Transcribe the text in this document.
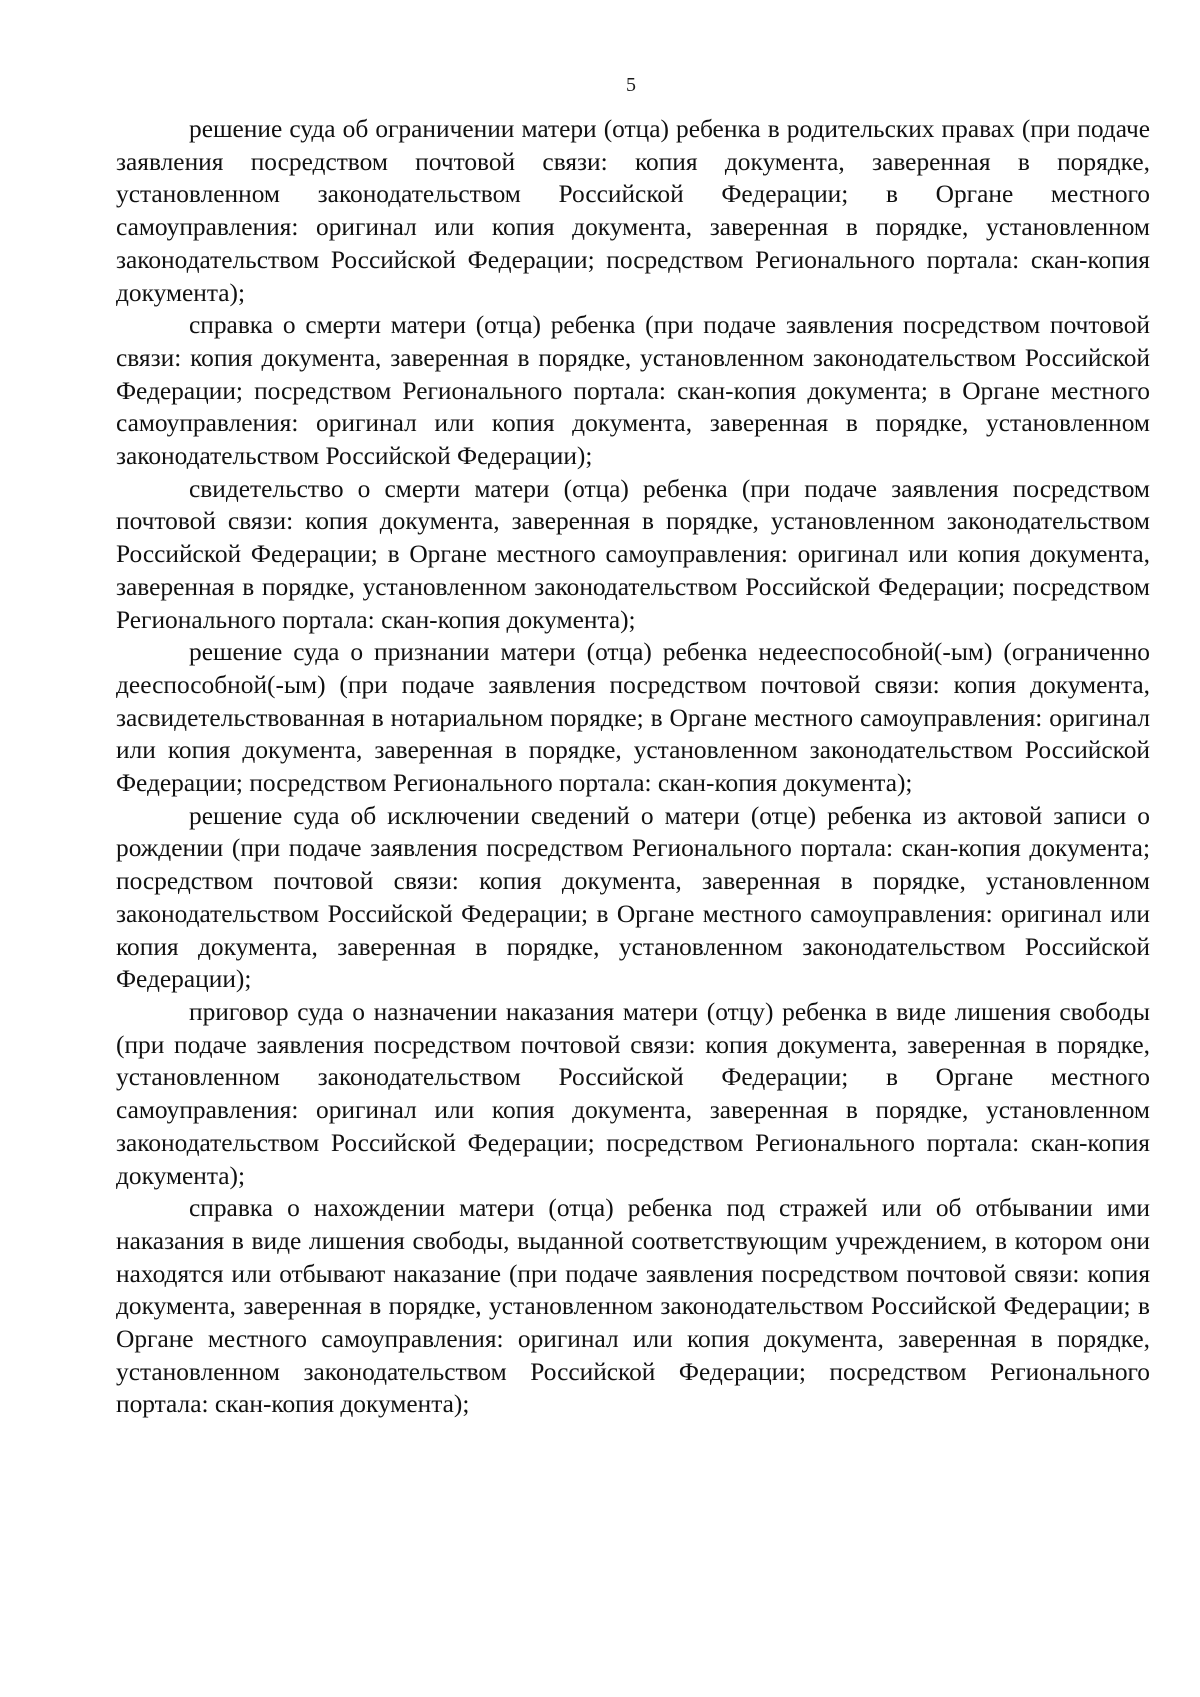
5

решение суда об ограничении матери (отца) ребенка в родительских правах (при подаче заявления посредством почтовой связи: копия документа, заверенная в порядке, установленном законодательством Российской Федерации; в Органе местного самоуправления: оригинал или копия документа, заверенная в порядке, установленном законодательством Российской Федерации; посредством Регионального портала: скан-копия документа);

справка о смерти матери (отца) ребенка (при подаче заявления посредством почтовой связи: копия документа, заверенная в порядке, установленном законодательством Российской Федерации; посредством Регионального портала: скан-копия документа; в Органе местного самоуправления: оригинал или копия документа, заверенная в порядке, установленном законодательством Российской Федерации);

свидетельство о смерти матери (отца) ребенка (при подаче заявления посредством почтовой связи: копия документа, заверенная в порядке, установленном законодательством Российской Федерации; в Органе местного самоуправления: оригинал или копия документа, заверенная в порядке, установленном законодательством Российской Федерации; посредством Регионального портала: скан-копия документа);

решение суда о признании матери (отца) ребенка недееспособной(-ым) (ограниченно дееспособной(-ым) (при подаче заявления посредством почтовой связи: копия документа, засвидетельствованная в нотариальном порядке; в Органе местного самоуправления: оригинал или копия документа, заверенная в порядке, установленном законодательством Российской Федерации; посредством Регионального портала: скан-копия документа);

решение суда об исключении сведений о матери (отце) ребенка из актовой записи о рождении (при подаче заявления посредством Регионального портала: скан-копия документа; посредством почтовой связи: копия документа, заверенная в порядке, установленном законодательством Российской Федерации; в Органе местного самоуправления: оригинал или копия документа, заверенная в порядке, установленном законодательством Российской Федерации);

приговор суда о назначении наказания матери (отцу) ребенка в виде лишения свободы (при подаче заявления посредством почтовой связи: копия документа, заверенная в порядке, установленном законодательством Российской Федерации; в Органе местного самоуправления: оригинал или копия документа, заверенная в порядке, установленном законодательством Российской Федерации; посредством Регионального портала: скан-копия документа);

справка о нахождении матери (отца) ребенка под стражей или об отбывании ими наказания в виде лишения свободы, выданной соответствующим учреждением, в котором они находятся или отбывают наказание (при подаче заявления посредством почтовой связи: копия документа, заверенная в порядке, установленном законодательством Российской Федерации; в Органе местного самоуправления: оригинал или копия документа, заверенная в порядке, установленном законодательством Российской Федерации; посредством Регионального портала: скан-копия документа);
